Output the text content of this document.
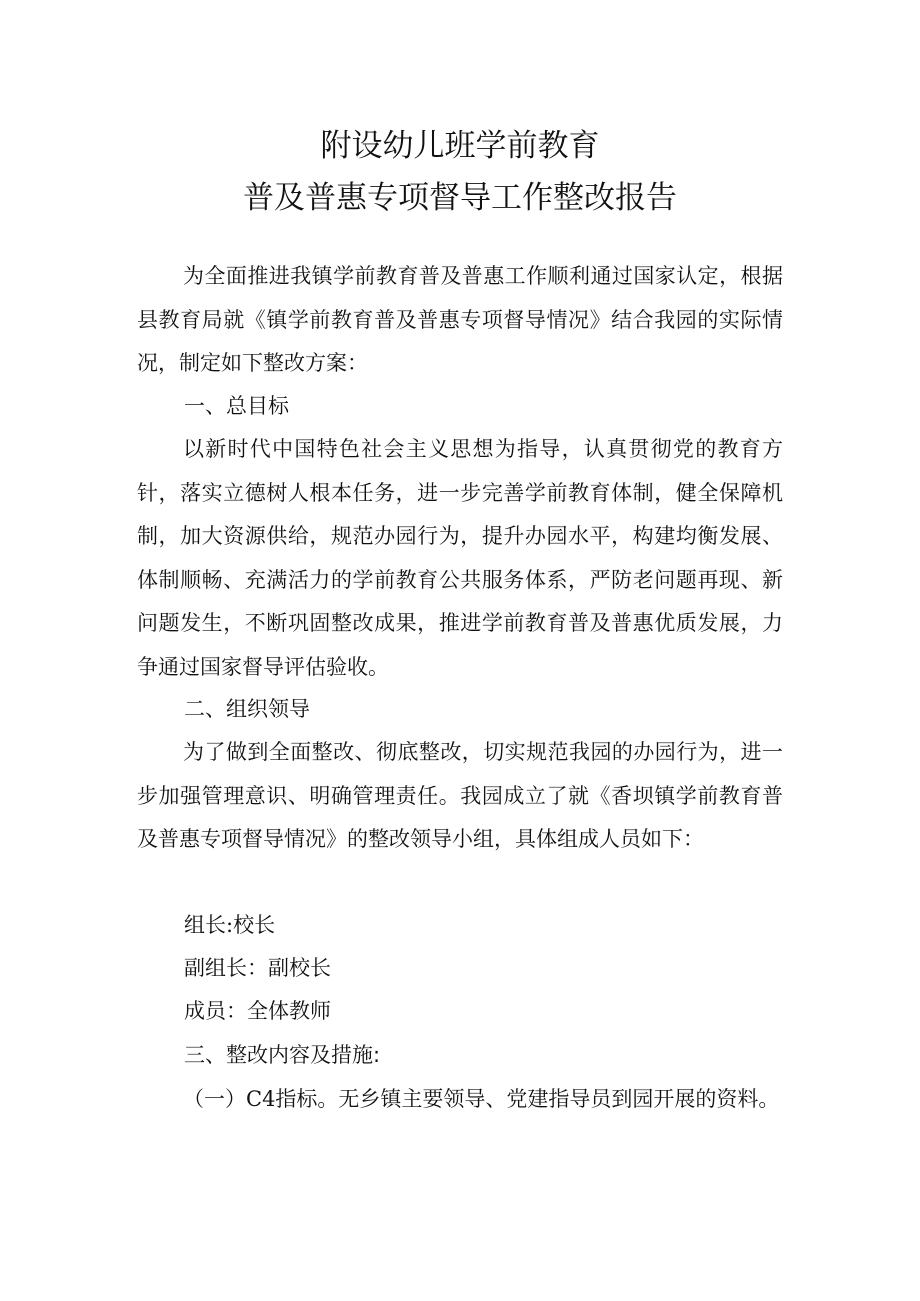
附设幼儿班学前教育
普及普惠专项督导工作整改报告

为全面推进我镇学前教育普及普惠工作顺利通过国家认定，根据县教育局就《镇学前教育普及普惠专项督导情况》结合我园的实际情况，制定如下整改方案：

一、总目标

以新时代中国特色社会主义思想为指导，认真贯彻党的教育方针，落实立德树人根本任务，进一步完善学前教育体制，健全保障机制，加大资源供给，规范办园行为，提升办园水平，构建均衡发展、体制顺畅、充满活力的学前教育公共服务体系，严防老问题再现、新问题发生，不断巩固整改成果，推进学前教育普及普惠优质发展，力争通过国家督导评估验收。

二、组织领导

为了做到全面整改、彻底整改，切实规范我园的办园行为，进一步加强管理意识、明确管理责任。我园成立了就《香坝镇学前教育普及普惠专项督导情况》的整改领导小组，具体组成人员如下：

组长:校长
副组长：副校长
成员：全体教师
三、整改内容及措施:

（一）C4指标。无乡镇主要领导、党建指导员到园开展的资料。
